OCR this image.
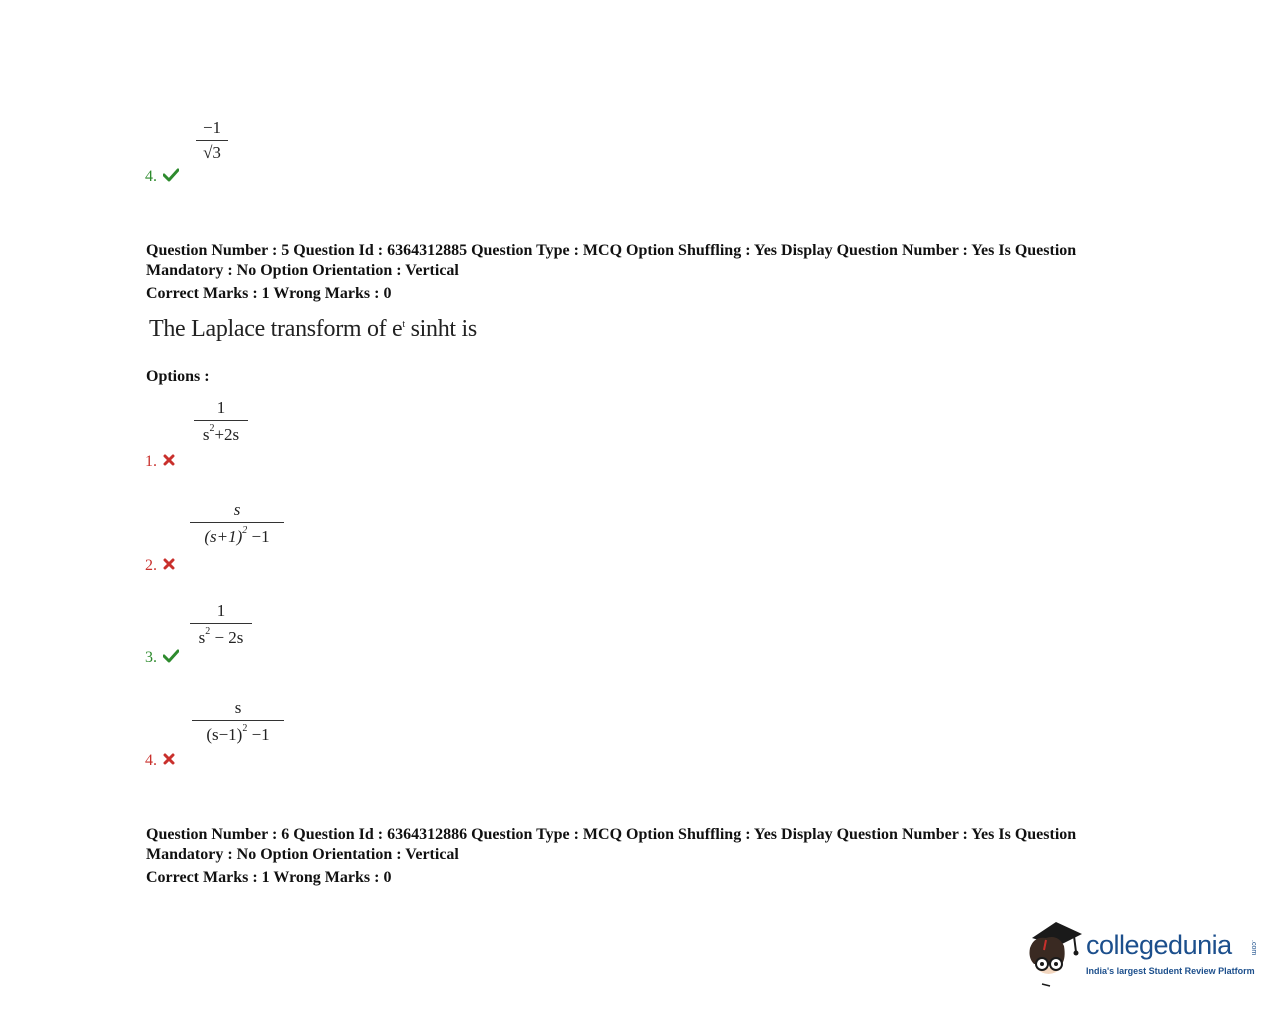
−1
√3
4.
Question Number : 5 Question Id : 6364312885 Question Type : MCQ Option Shuffling : Yes Display Question Number : Yes Is Question
Mandatory : No Option Orientation : Vertical
Correct Marks : 1 Wrong Marks : 0
The Laplace transform of $e^t$ sinht is
Options :
1
$s^2+2s$
1.
s
$(s+1)^2 -1$
2.
1
$s^2 - 2s$
3.
s
$(s-1)^2 -1$
4.
Question Number : 6 Question Id : 6364312886 Question Type : MCQ Option Shuffling : Yes Display Question Number : Yes Is Question
Mandatory : No Option Orientation : Vertical
Correct Marks : 1 Wrong Marks : 0
collegedunia	.com
India's largest Student Review Platform
